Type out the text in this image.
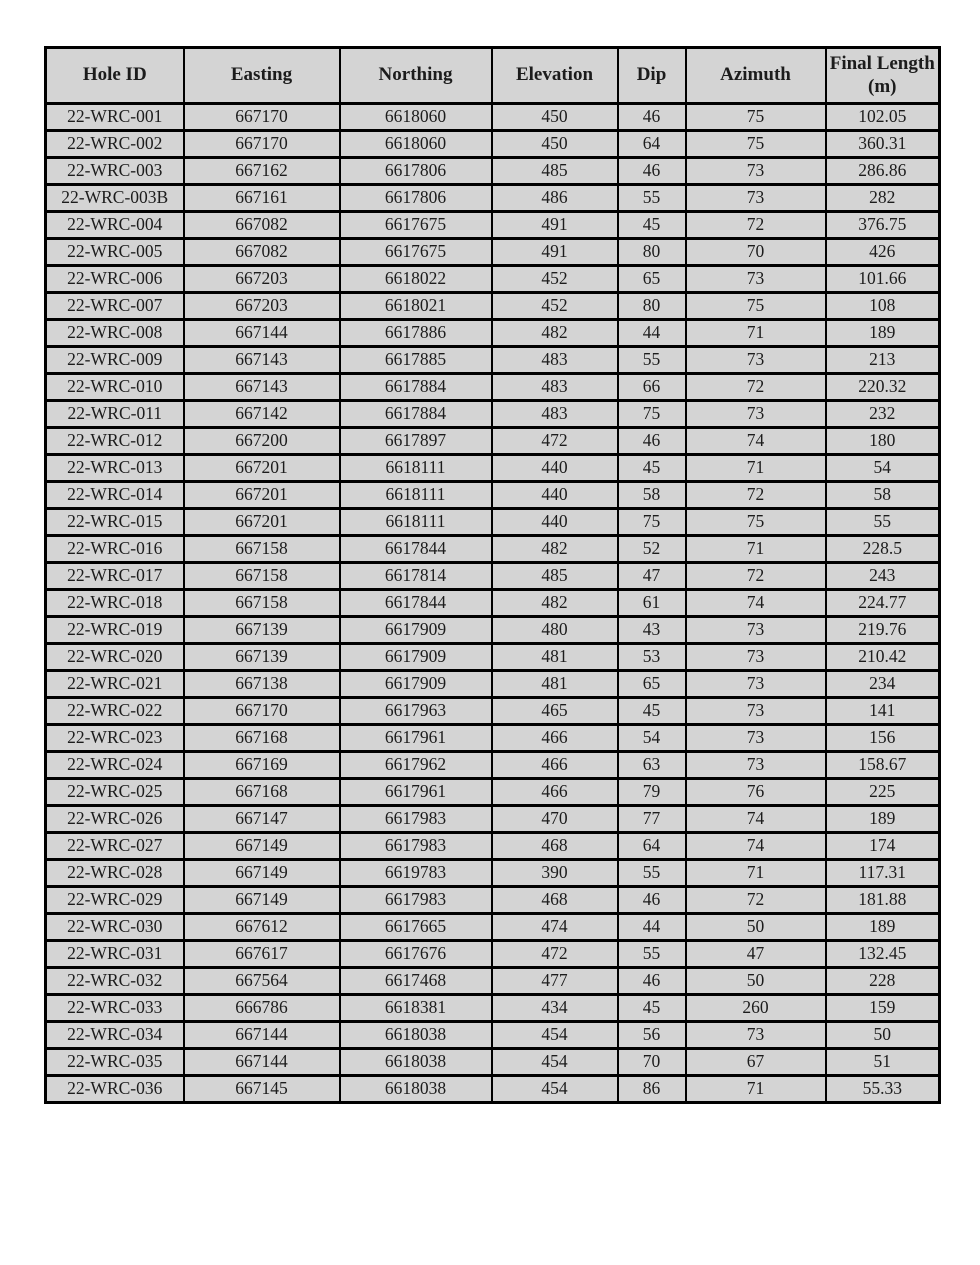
Hole ID	Easting	Northing	Elevation	Dip	Azimuth	Final Length (m)
22-WRC-001	667170	6618060	450	46	75	102.05
22-WRC-002	667170	6618060	450	64	75	360.31
22-WRC-003	667162	6617806	485	46	73	286.86
22-WRC-003B	667161	6617806	486	55	73	282
22-WRC-004	667082	6617675	491	45	72	376.75
22-WRC-005	667082	6617675	491	80	70	426
22-WRC-006	667203	6618022	452	65	73	101.66
22-WRC-007	667203	6618021	452	80	75	108
22-WRC-008	667144	6617886	482	44	71	189
22-WRC-009	667143	6617885	483	55	73	213
22-WRC-010	667143	6617884	483	66	72	220.32
22-WRC-011	667142	6617884	483	75	73	232
22-WRC-012	667200	6617897	472	46	74	180
22-WRC-013	667201	6618111	440	45	71	54
22-WRC-014	667201	6618111	440	58	72	58
22-WRC-015	667201	6618111	440	75	75	55
22-WRC-016	667158	6617844	482	52	71	228.5
22-WRC-017	667158	6617814	485	47	72	243
22-WRC-018	667158	6617844	482	61	74	224.77
22-WRC-019	667139	6617909	480	43	73	219.76
22-WRC-020	667139	6617909	481	53	73	210.42
22-WRC-021	667138	6617909	481	65	73	234
22-WRC-022	667170	6617963	465	45	73	141
22-WRC-023	667168	6617961	466	54	73	156
22-WRC-024	667169	6617962	466	63	73	158.67
22-WRC-025	667168	6617961	466	79	76	225
22-WRC-026	667147	6617983	470	77	74	189
22-WRC-027	667149	6617983	468	64	74	174
22-WRC-028	667149	6619783	390	55	71	117.31
22-WRC-029	667149	6617983	468	46	72	181.88
22-WRC-030	667612	6617665	474	44	50	189
22-WRC-031	667617	6617676	472	55	47	132.45
22-WRC-032	667564	6617468	477	46	50	228
22-WRC-033	666786	6618381	434	45	260	159
22-WRC-034	667144	6618038	454	56	73	50
22-WRC-035	667144	6618038	454	70	67	51
22-WRC-036	667145	6618038	454	86	71	55.33
